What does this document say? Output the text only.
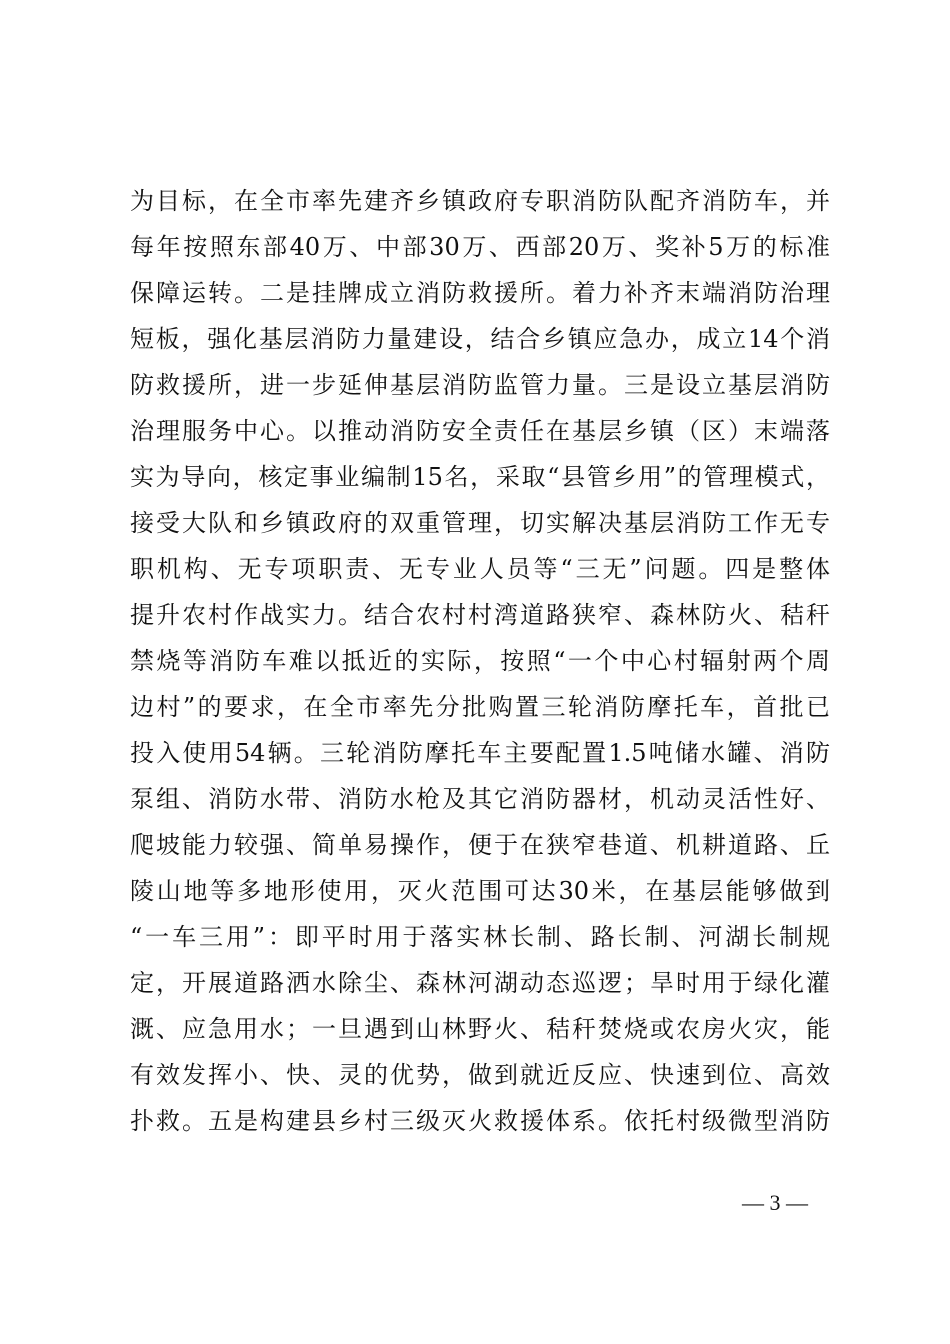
为目标，在全市率先建齐乡镇政府专职消防队配齐消防车，并
每年按照东部40万、中部30万、西部20万、奖补5万的标准
保障运转。二是挂牌成立消防救援所。着力补齐末端消防治理
短板，强化基层消防力量建设，结合乡镇应急办，成立14个消
防救援所，进一步延伸基层消防监管力量。三是设立基层消防
治理服务中心。以推动消防安全责任在基层乡镇（区）末端落
实为导向，核定事业编制15名，采取“县管乡用”的管理模式，
接受大队和乡镇政府的双重管理，切实解决基层消防工作无专
职机构、无专项职责、无专业人员等“三无”问题。四是整体
提升农村作战实力。结合农村村湾道路狭窄、森林防火、秸秆
禁烧等消防车难以抵近的实际，按照“一个中心村辐射两个周
边村”的要求，在全市率先分批购置三轮消防摩托车，首批已
投入使用54辆。三轮消防摩托车主要配置1.5吨储水罐、消防
泵组、消防水带、消防水枪及其它消防器材，机动灵活性好、
爬坡能力较强、简单易操作，便于在狭窄巷道、机耕道路、丘
陵山地等多地形使用，灭火范围可达30米，在基层能够做到
“一车三用”：即平时用于落实林长制、路长制、河湖长制规
定，开展道路洒水除尘、森林河湖动态巡逻；旱时用于绿化灌
溉、应急用水；一旦遇到山林野火、秸秆焚烧或农房火灾，能
有效发挥小、快、灵的优势，做到就近反应、快速到位、高效
扑救。五是构建县乡村三级灭火救援体系。依托村级微型消防
— 3 —
